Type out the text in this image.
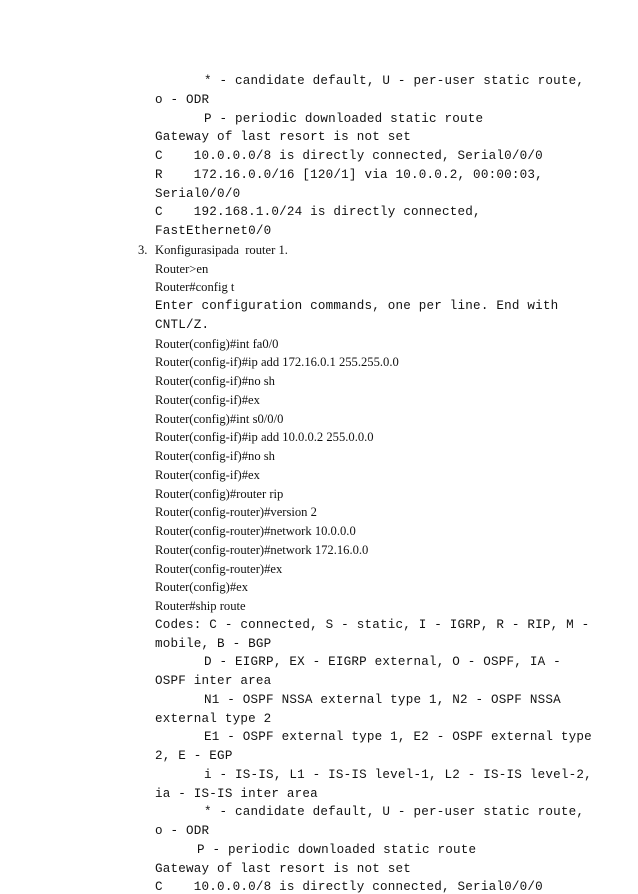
* - candidate default, U - per-user static route,
o - ODR
P - periodic downloaded static route
Gateway of last resort is not set
C    10.0.0.0/8 is directly connected, Serial0/0/0
R    172.16.0.0/16 [120/1] via 10.0.0.2, 00:00:03,
Serial0/0/0
C    192.168.1.0/24 is directly connected,
FastEthernet0/0
3. Konfigurasipada  router 1.
Router>en
Router#config t
Enter configuration commands, one per line. End with
CNTL/Z.
Router(config)#int fa0/0
Router(config-if)#ip add 172.16.0.1 255.255.0.0
Router(config-if)#no sh
Router(config-if)#ex
Router(config)#int s0/0/0
Router(config-if)#ip add 10.0.0.2 255.0.0.0
Router(config-if)#no sh
Router(config-if)#ex
Router(config)#router rip
Router(config-router)#version 2
Router(config-router)#network 10.0.0.0
Router(config-router)#network 172.16.0.0
Router(config-router)#ex
Router(config)#ex
Router#ship route
Codes: C - connected, S - static, I - IGRP, R - RIP, M -
mobile, B - BGP
D - EIGRP, EX - EIGRP external, O - OSPF, IA -
OSPF inter area
N1 - OSPF NSSA external type 1, N2 - OSPF NSSA
external type 2
E1 - OSPF external type 1, E2 - OSPF external type
2, E - EGP
i - IS-IS, L1 - IS-IS level-1, L2 - IS-IS level-2,
ia - IS-IS inter area
* - candidate default, U - per-user static route,
o - ODR
P - periodic downloaded static route
Gateway of last resort is not set
C    10.0.0.0/8 is directly connected, Serial0/0/0
